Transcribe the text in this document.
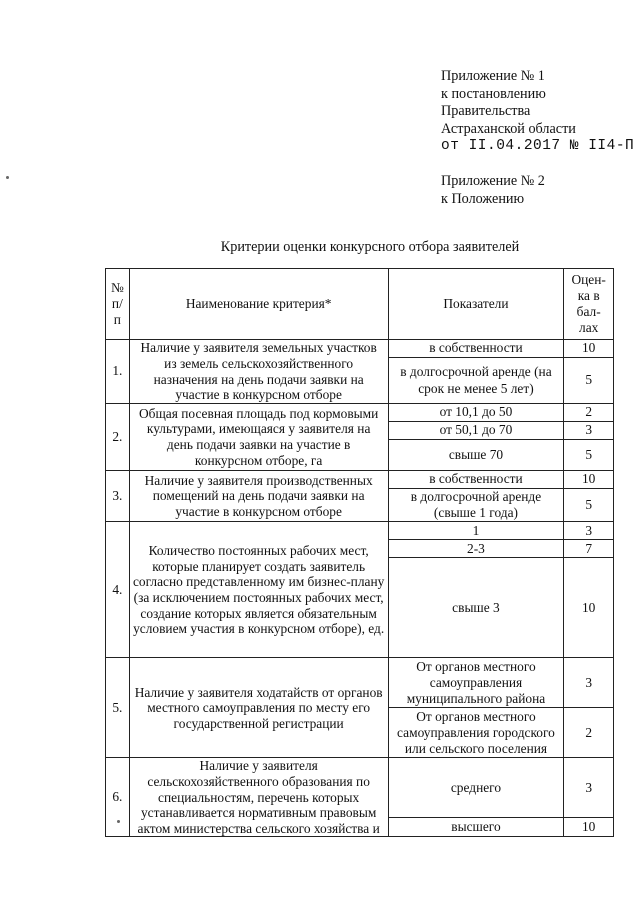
Приложение № 1
к постановлению
Правительства
Астраханской области
от II.04.2017 № II4-П
Приложение № 2
к Положению
Критерии оценки конкурсного отбора заявителей
№ п/п	Наименование критерия*	Показатели	Оцен-ка в бал-лах
1.	Наличие у заявителя земельных участков из земель сельскохозяйственного назначения на день подачи заявки на участие в конкурсном отборе	в собственности	10
		в долгосрочной аренде (на срок не менее 5 лет)	5
2.	Общая посевная площадь под кормовыми культурами, имеющаяся у заявителя на день подачи заявки на участие в конкурсном отборе, га	от 10,1 до 50	2
		от 50,1 до 70	3
		свыше 70	5
3.	Наличие у заявителя производственных помещений на день подачи заявки на участие в конкурсном отборе	в собственности	10
		в долгосрочной аренде (свыше 1 года)	5
4.	Количество постоянных рабочих мест, которые планирует создать заявитель согласно представленному им бизнес-плану (за исключением постоянных рабочих мест, создание которых является обязательным условием участия в конкурсном отборе), ед.	1	3
		2-3	7
		свыше 3	10
5.	Наличие у заявителя ходатайств от органов местного самоуправления по месту его государственной регистрации	От органов местного самоуправления муниципального района	3
		От органов местного самоуправления городского или сельского поселения	2
6.	Наличие у заявителя сельскохозяйственного образования по специальностям, перечень которых устанавливается нормативным правовым актом министерства сельского хозяйства и	среднего	3
		высшего	10
